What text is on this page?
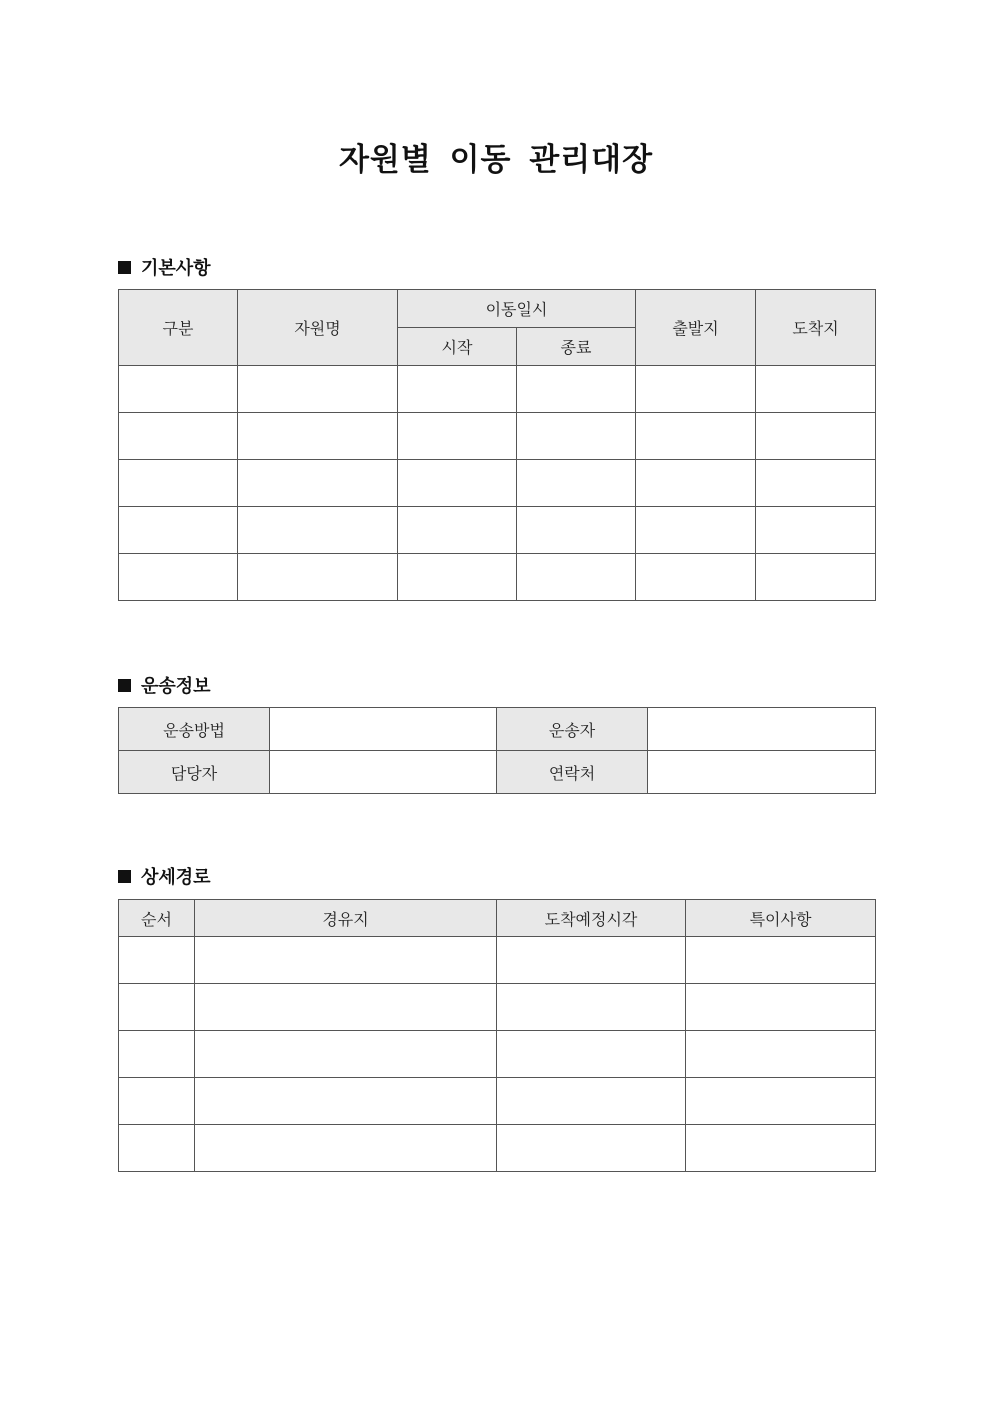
자원별 이동 관리대장
기본사항
구분	자원명	이동일시		출발지	도착지
		시작	종료		

운송정보
운송방법		운송자	
담당자		연락처	
상세경로
순서	경유지	도착예정시각	특이사항
